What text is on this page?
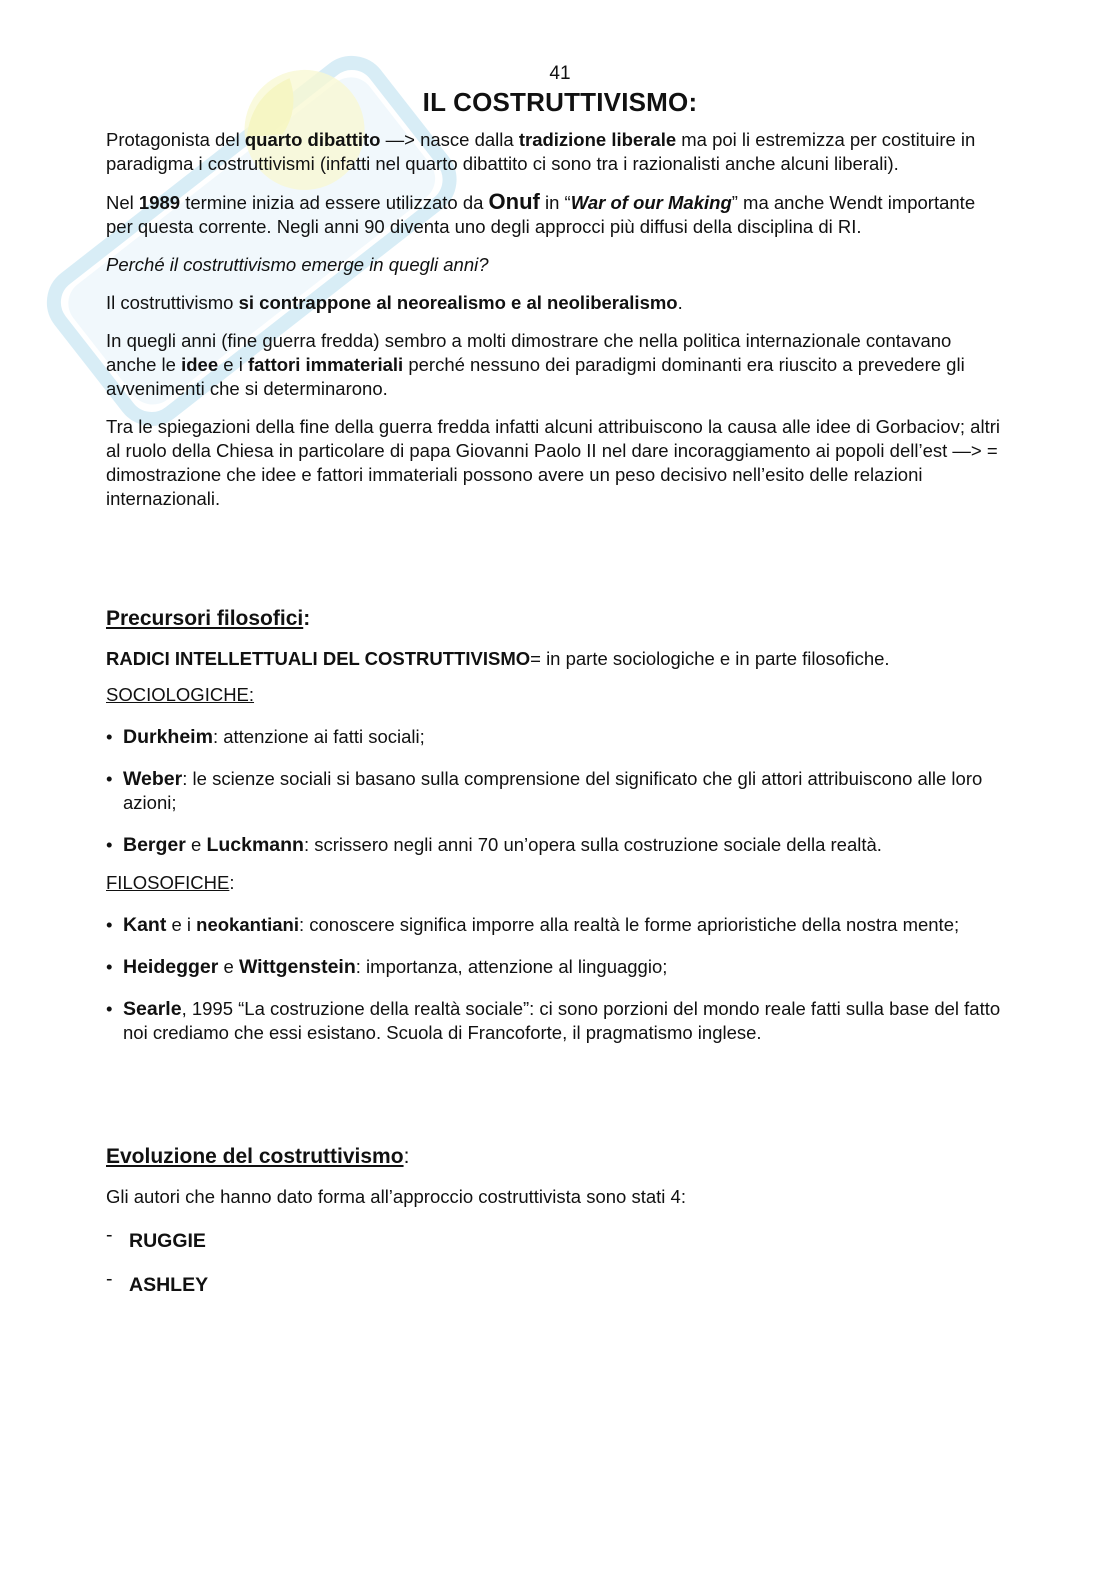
41
IL COSTRUTTIVISMO:

Protagonista del quarto dibattito —> nasce dalla tradizione liberale ma poi li estremizza per costituire in paradigma i costruttivismi (infatti nel quarto dibattito ci sono tra i razionalisti anche alcuni liberali).

Nel 1989 termine inizia ad essere utilizzato da Onuf in “War of our Making” ma anche Wendt importante per questa corrente. Negli anni 90 diventa uno degli approcci più diffusi della disciplina di RI.

Perché il costruttivismo emerge in quegli anni?

Il costruttivismo si contrappone al neorealismo e al neoliberalismo.

In quegli anni (fine guerra fredda) sembro a molti dimostrare che nella politica internazionale contavano anche le idee e i fattori immateriali perché nessuno dei paradigmi dominanti era riuscito a prevedere gli avvenimenti che si determinarono.

Tra le spiegazioni della fine della guerra fredda infatti alcuni attribuiscono la causa alle idee di Gorbaciov; altri al ruolo della Chiesa in particolare di papa Giovanni Paolo II nel dare incoraggiamento ai popoli dell’est —> = dimostrazione che idee e fattori immateriali possono avere un peso decisivo nell’esito delle relazioni internazionali.

Precursori filosofici:

RADICI INTELLETTUALI DEL COSTRUTTIVISMO= in parte sociologiche e in parte filosofiche.

SOCIOLOGICHE:

• Durkheim: attenzione ai fatti sociali;
• Weber: le scienze sociali si basano sulla comprensione del significato che gli attori attribuiscono alle loro azioni;
• Berger e Luckmann: scrissero negli anni 70 un’opera sulla costruzione sociale della realtà.

FILOSOFICHE:

• Kant e i neokantiani: conoscere significa imporre alla realtà le forme aprioristiche della nostra mente;
• Heidegger e Wittgenstein: importanza, attenzione al linguaggio;
• Searle, 1995 “La costruzione della realtà sociale”: ci sono porzioni del mondo reale fatti sulla base del fatto noi crediamo che essi esistano. Scuola di Francoforte, il pragmatismo inglese.
Evoluzione del costruttivismo:

Gli autori che hanno dato forma all’approccio costruttivista sono stati 4:

- RUGGIE
- ASHLEY
